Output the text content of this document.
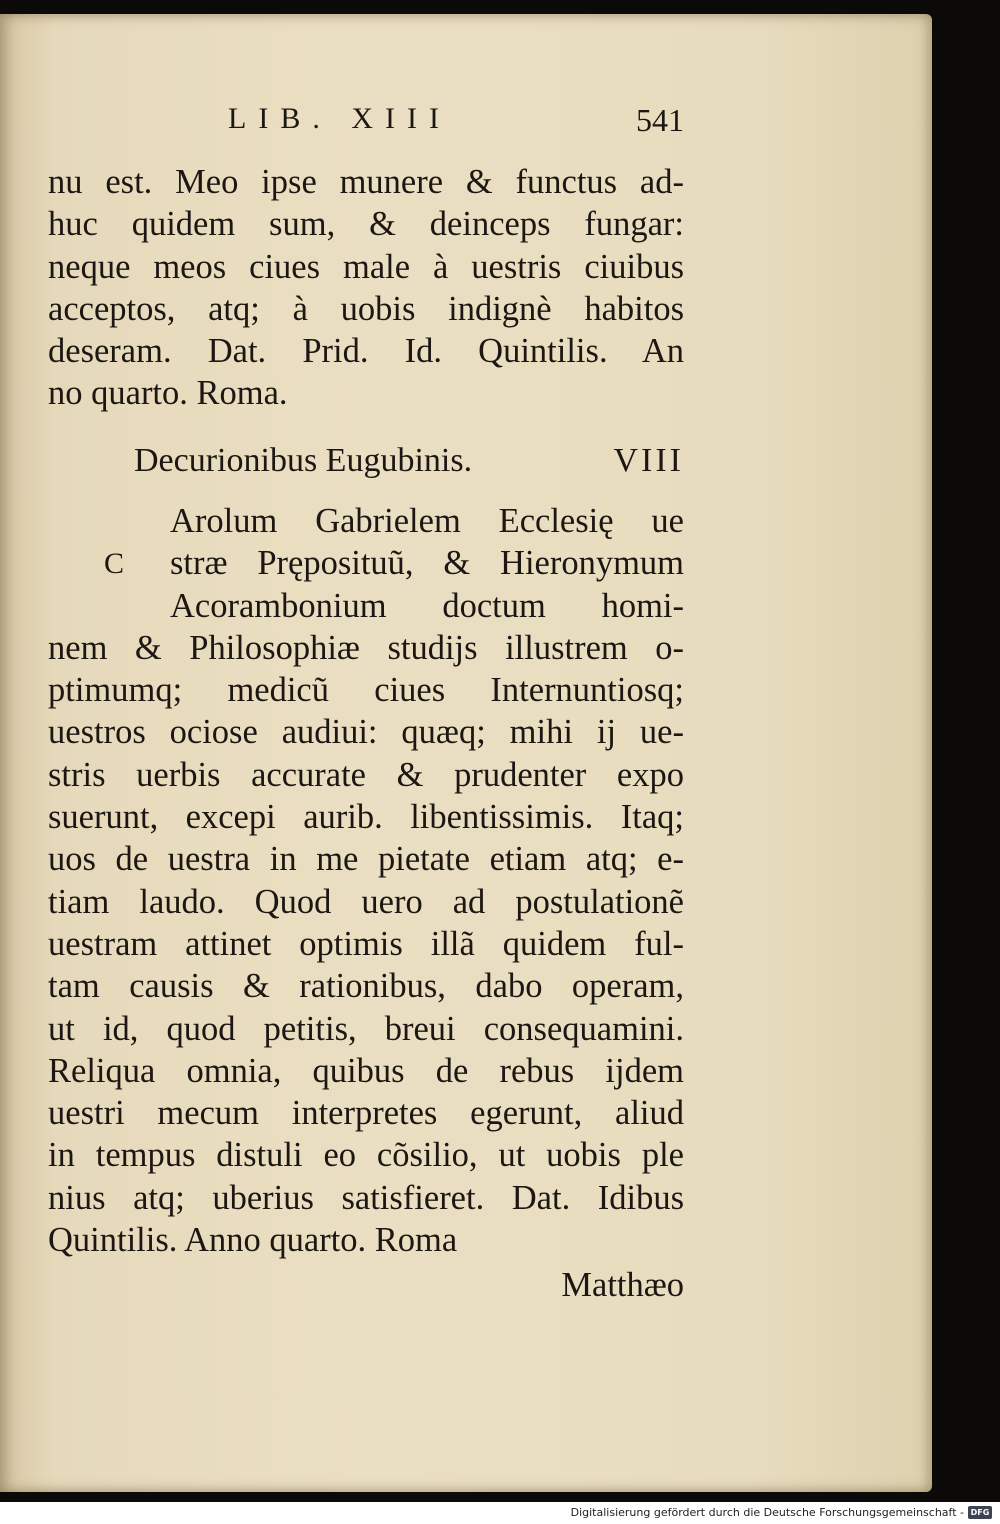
LIB. XIII	541
nu est. Meo ipse munere & functus ad-
huc quidem sum, & deinceps fungar:
neque meos ciues male à uestris ciuibus
acceptos, atq; à uobis indignè habitos
deseram. Dat. Prid. Id. Quintilis. An
no quarto. Roma.
Decurionibus Eugubinis.	VIII
C
Arolum Gabrielem Ecclesię ue
stræ Pręposituũ, & Hieronymum
Acorambonium doctum homi-
nem & Philosophiæ studijs illustrem o-
ptimumq; medicũ ciues Internuntiosq;
uestros ociose audiui: quæq; mihi ij ue-
stris uerbis accurate & prudenter expo
suerunt, excepi aurib. libentissimis. Itaq;
uos de uestra in me pietate etiam atq; e-
tiam laudo. Quod uero ad postulationẽ
uestram attinet optimis illã quidem ful-
tam causis & rationibus, dabo operam,
ut id, quod petitis, breui consequamini.
Reliqua omnia, quibus de rebus ijdem
uestri mecum interpretes egerunt, aliud
in tempus distuli eo cõsilio, ut uobis ple
nius atq; uberius satisfieret. Dat. Idibus
Quintilis. Anno quarto. Roma
Matthæo
Digitalisierung gefördert durch die Deutsche Forschungsgemeinschaft - DFG
